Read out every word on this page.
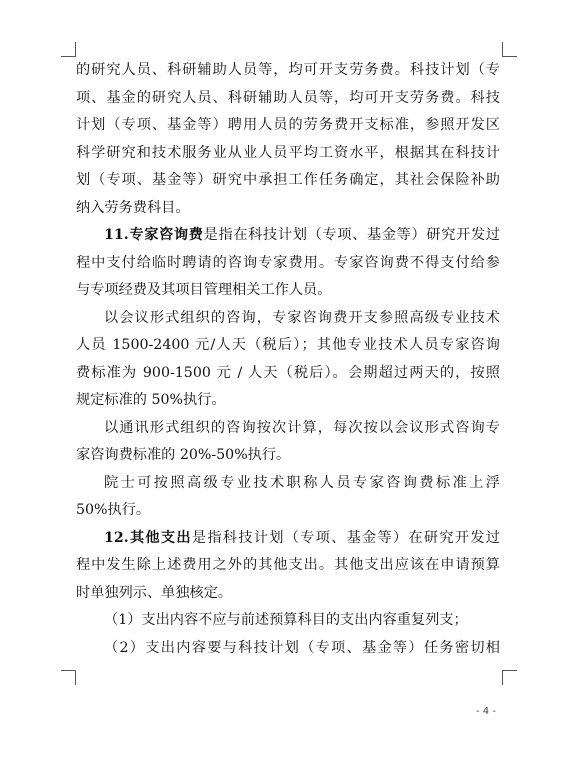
的研究人员、科研辅助人员等，均可开支劳务费。科技计划（专

项、基金的研究人员、科研辅助人员等，均可开支劳务费。科技

计划（专项、基金等）聘用人员的劳务费开支标准，参照开发区

科学研究和技术服务业从业人员平均工资水平，根据其在科技计

划（专项、基金等）研究中承担工作任务确定，其社会保险补助

纳入劳务费科目。

11.专家咨询费是指在科技计划（专项、基金等）研究开发过

程中支付给临时聘请的咨询专家费用。专家咨询费不得支付给参

与专项经费及其项目管理相关工作人员。

以会议形式组织的咨询，专家咨询费开支参照高级专业技术

人员 1500-2400 元/人天（税后）；其他专业技术人员专家咨询

费标准为 900-1500 元 / 人天（税后）。会期超过两天的，按照

规定标准的 50%执行。

以通讯形式组织的咨询按次计算，每次按以会议形式咨询专

家咨询费标准的 20%-50%执行。

院士可按照高级专业技术职称人员专家咨询费标准上浮

50%执行。

12.其他支出是指科技计划（专项、基金等）在研究开发过

程中发生除上述费用之外的其他支出。其他支出应该在申请预算

时单独列示、单独核定。

（1）支出内容不应与前述预算科目的支出内容重复列支；

（2）支出内容要与科技计划（专项、基金等）任务密切相

- 4 -
